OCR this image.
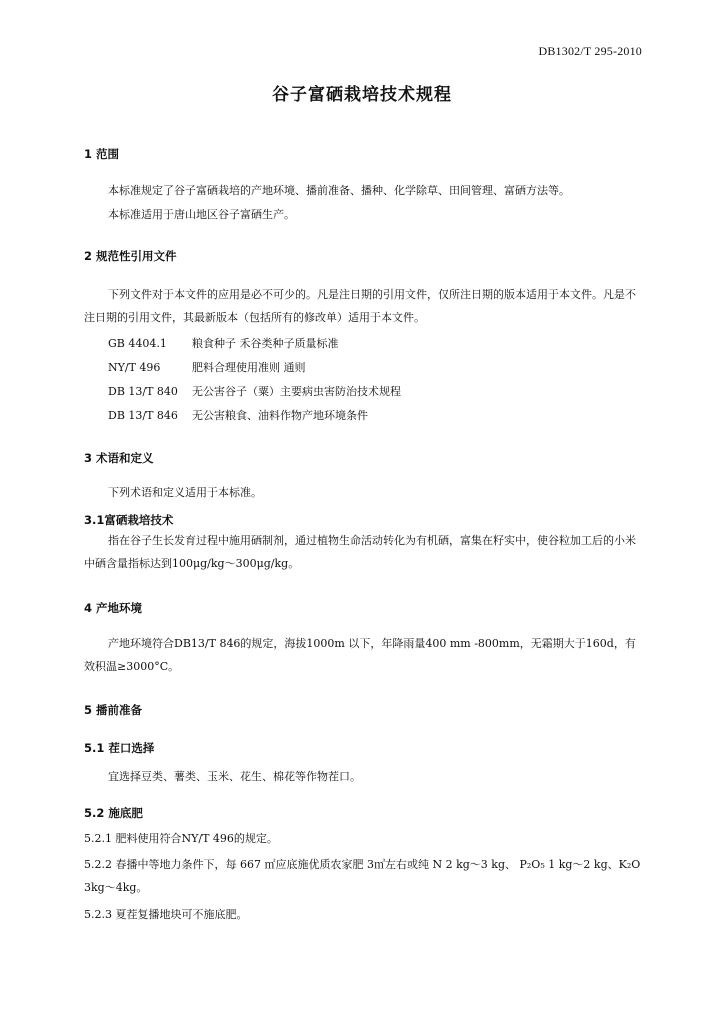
DB1302/T 295-2010
谷子富硒栽培技术规程
1 范围
本标准规定了谷子富硒栽培的产地环境、播前准备、播种、化学除草、田间管理、富硒方法等。
本标准适用于唐山地区谷子富硒生产。
2 规范性引用文件
下列文件对于本文件的应用是必不可少的。凡是注日期的引用文件，仅所注日期的版本适用于本文件。凡是不注日期的引用文件，其最新版本（包括所有的修改单）适用于本文件。
GB 4404.1 粮食种子 禾谷类种子质量标准
NY/T 496	肥料合理使用准则 通则
DB 13/T 840 无公害谷子（粟）主要病虫害防治技术规程
DB 13/T 846 无公害粮食、油料作物产地环境条件
3 术语和定义
下列术语和定义适用于本标准。
3.1富硒栽培技术
指在谷子生长发育过程中施用硒制剂，通过植物生命活动转化为有机硒，富集在籽实中，使谷粒加工后的小米中硒含量指标达到100μg/kg～300μg/kg。
4 产地环境
产地环境符合DB13/T 846的规定，海拔1000m 以下，年降雨量400 mm -800mm，无霜期大于160d，有效积温≥3000°C。
5 播前准备
5.1 茬口选择
宜选择豆类、薯类、玉米、花生、棉花等作物茬口。
5.2 施底肥
5.2.1 肥料使用符合NY/T 496的规定。
5.2.2 春播中等地力条件下，每 667 ㎡应底施优质农家肥 3㎥左右或纯 N 2 kg～3 kg、 P₂O₅ 1 kg～2 kg、K₂O 3kg～4kg。
5.2.3 夏茬复播地块可不施底肥。
